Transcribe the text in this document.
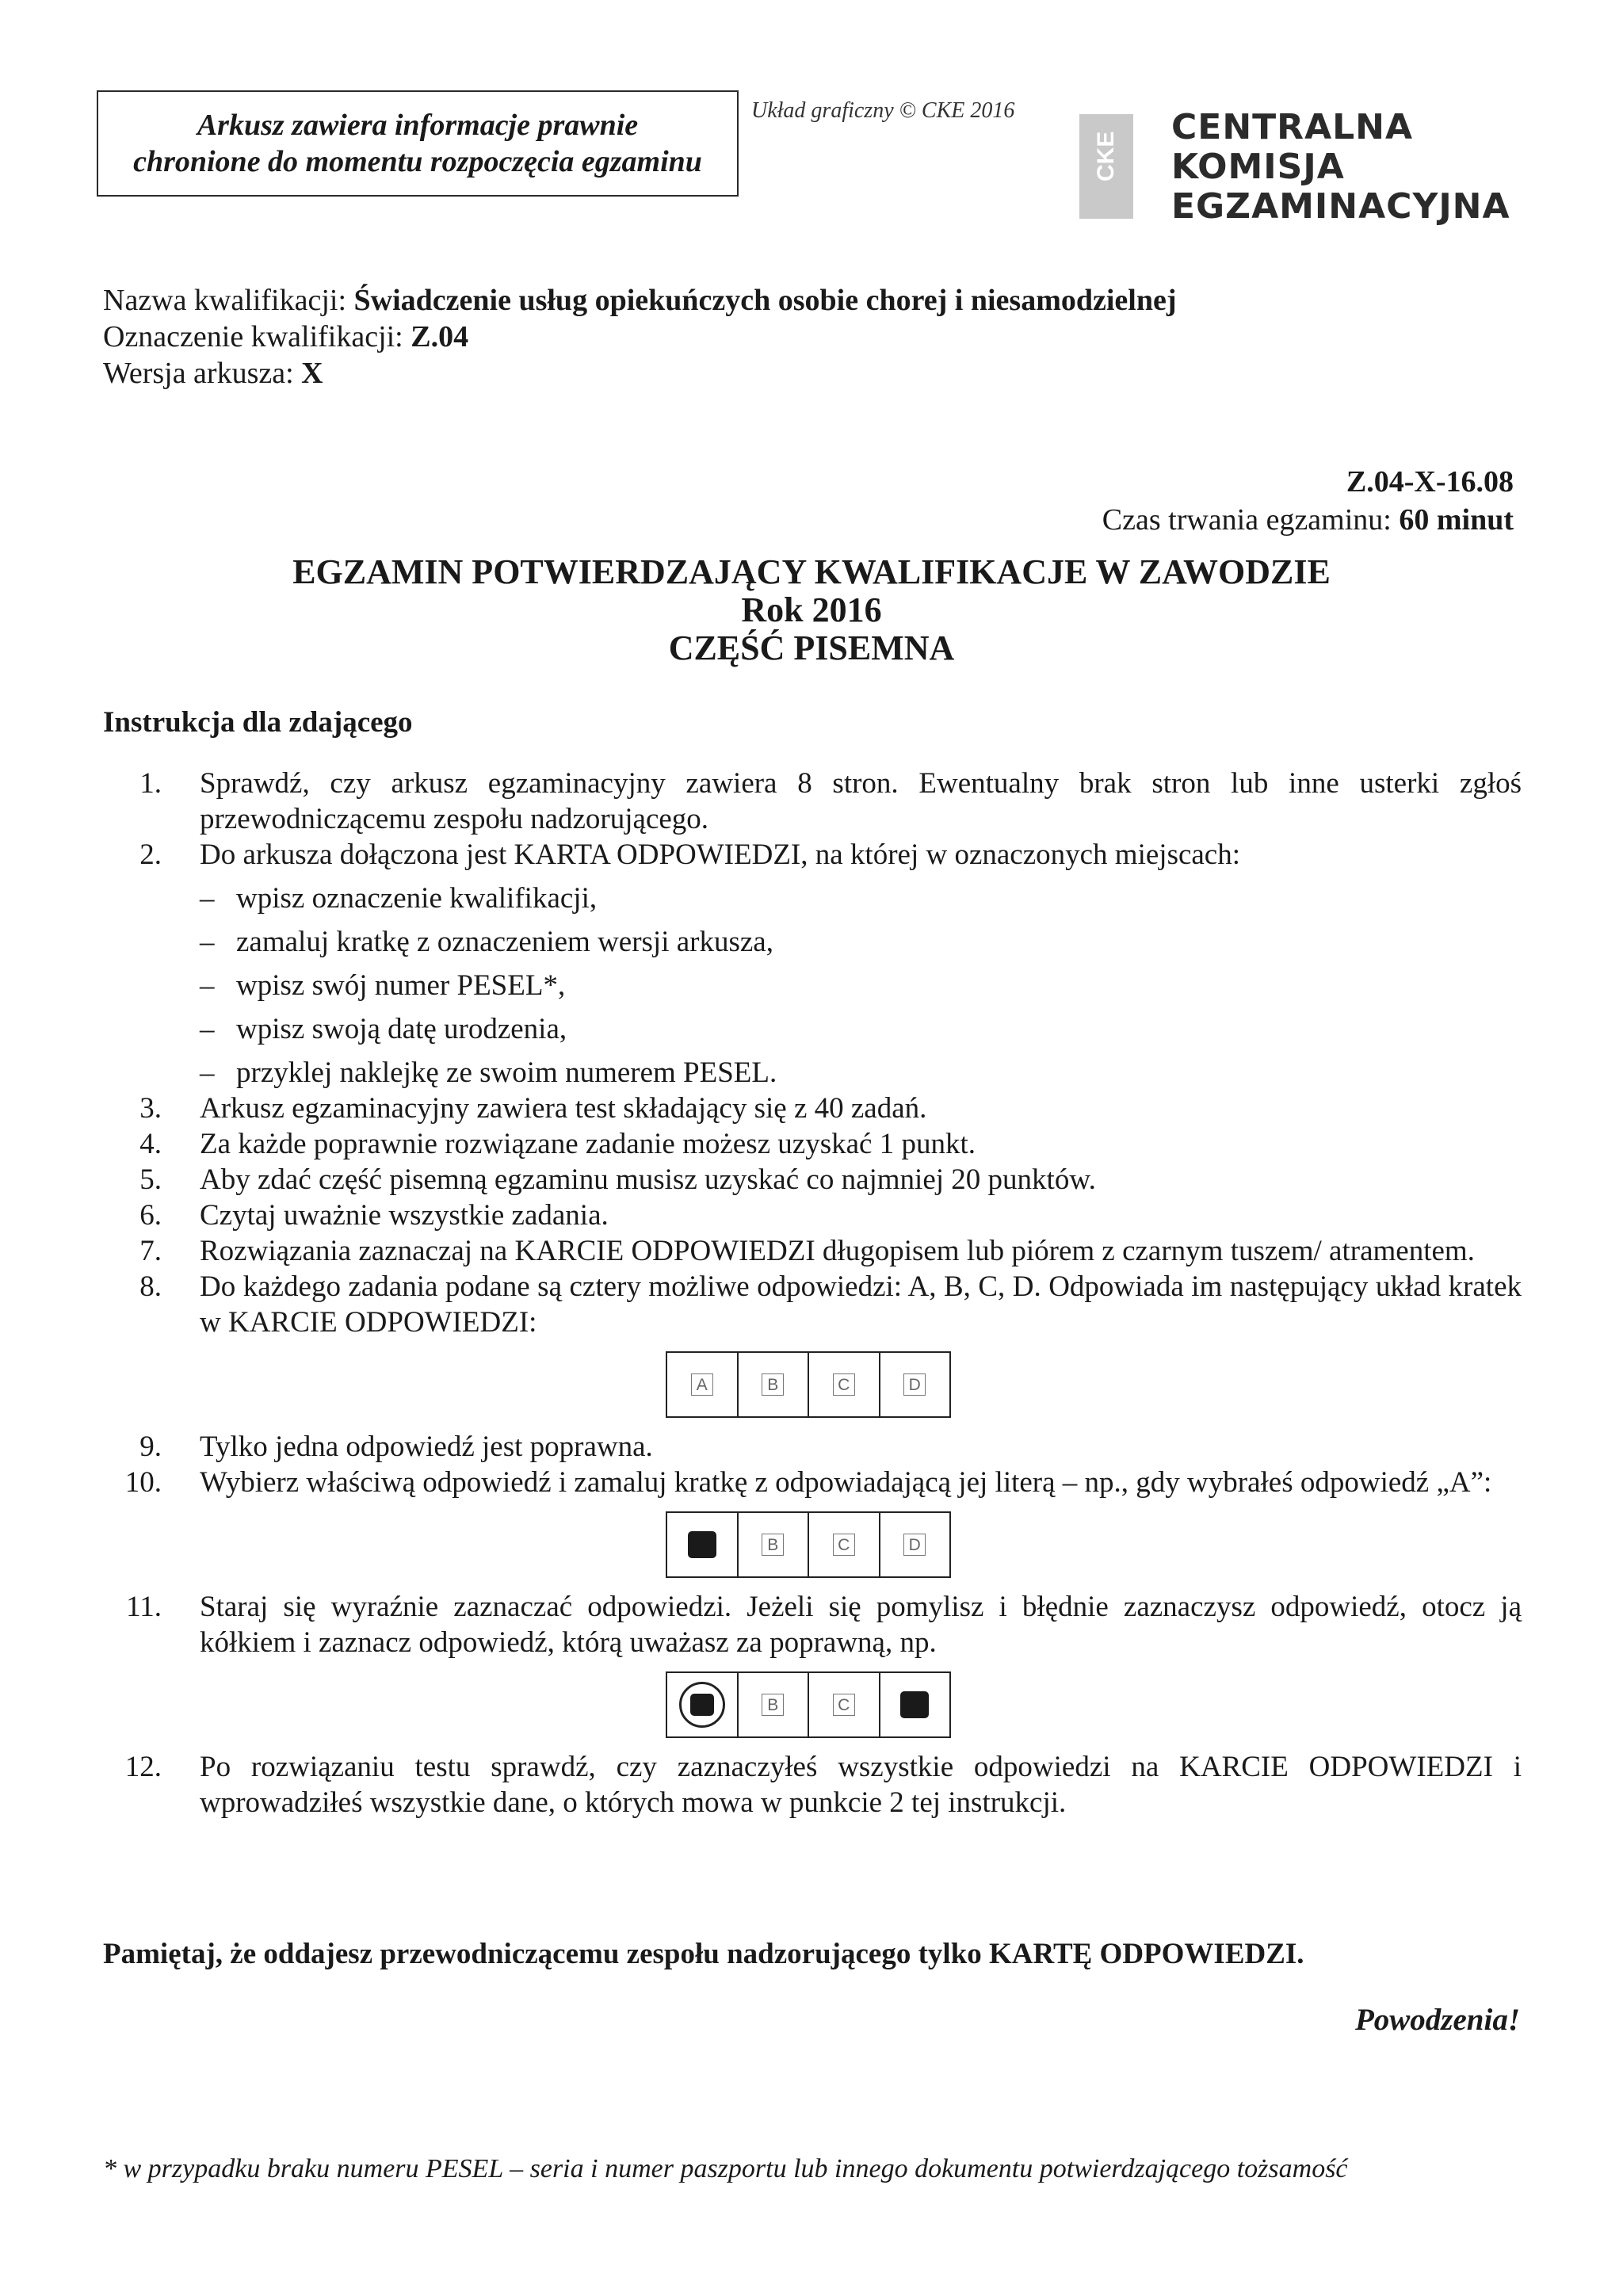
Arkusz zawiera informacje prawnie
chronione do momentu rozpoczęcia egzaminu
Układ graficzny © CKE 2016
CKE
CENTRALNA
KOMISJA
EGZAMINACYJNA
Nazwa kwalifikacji: Świadczenie usług opiekuńczych osobie chorej i niesamodzielnej
Oznaczenie kwalifikacji: Z.04
Wersja arkusza: X
Z.04-X-16.08
Czas trwania egzaminu: 60 minut
EGZAMIN POTWIERDZAJĄCY KWALIFIKACJE W ZAWODZIE
Rok 2016
CZĘŚĆ PISEMNA
Instrukcja dla zdającego
1.	Sprawdź, czy arkusz egzaminacyjny zawiera 8 stron. Ewentualny brak stron lub inne usterki zgłoś przewodniczącemu zespołu nadzorującego.
2.	Do arkusza dołączona jest KARTA ODPOWIEDZI, na której w oznaczonych miejscach:
– wpisz oznaczenie kwalifikacji,
– zamaluj kratkę z oznaczeniem wersji arkusza,
– wpisz swój numer PESEL*,
– wpisz swoją datę urodzenia,
– przyklej naklejkę ze swoim numerem PESEL.
3.	Arkusz egzaminacyjny zawiera test składający się z 40 zadań.
4.	Za każde poprawnie rozwiązane zadanie możesz uzyskać 1 punkt.
5.	Aby zdać część pisemną egzaminu musisz uzyskać co najmniej 20 punktów.
6.	Czytaj uważnie wszystkie zadania.
7.	Rozwiązania zaznaczaj na KARCIE ODPOWIEDZI długopisem lub piórem z czarnym tuszem/ atramentem.
8.	Do każdego zadania podane są cztery możliwe odpowiedzi: A, B, C, D. Odpowiada im następujący układ kratek w KARCIE ODPOWIEDZI:
A	B	C	D
9.	Tylko jedna odpowiedź jest poprawna.
10.	Wybierz właściwą odpowiedź i zamaluj kratkę z odpowiadającą jej literą – np., gdy wybrałeś odpowiedź „A”:
B	C	D
11.	Staraj się wyraźnie zaznaczać odpowiedzi. Jeżeli się pomylisz i błędnie zaznaczysz odpowiedź, otocz ją kółkiem i zaznacz odpowiedź, którą uważasz za poprawną, np.
B	C
12.	Po rozwiązaniu testu sprawdź, czy zaznaczyłeś wszystkie odpowiedzi na KARCIE ODPOWIEDZI i wprowadziłeś wszystkie dane, o których mowa w punkcie 2 tej instrukcji.
Pamiętaj, że oddajesz przewodniczącemu zespołu nadzorującego tylko KARTĘ ODPOWIEDZI.
Powodzenia!
* w przypadku braku numeru PESEL – seria i numer paszportu lub innego dokumentu potwierdzającego tożsamość
